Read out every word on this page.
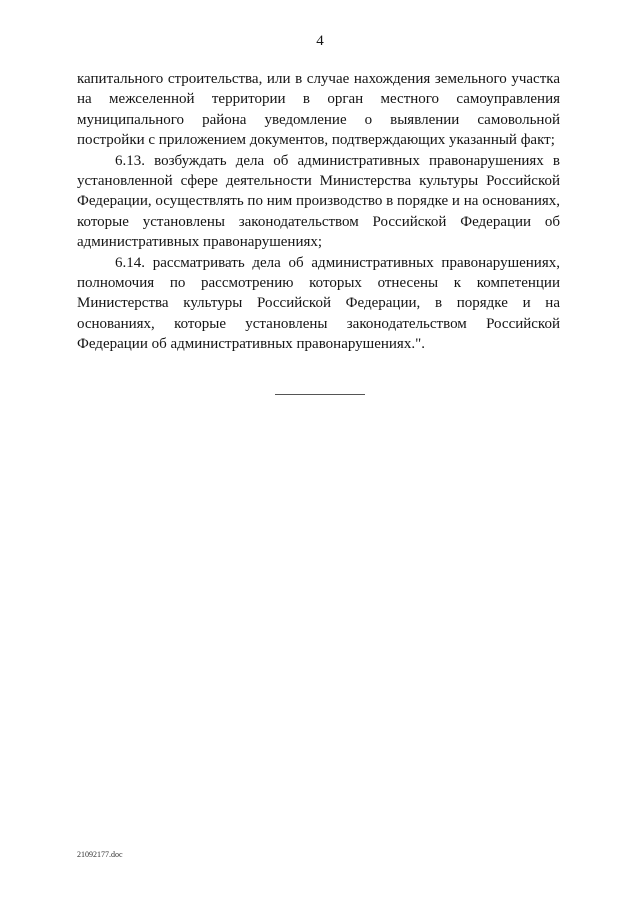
4

капитального строительства, или в случае нахождения земельного участка на межселенной территории в орган местного самоуправления муниципального района уведомление о выявлении самовольной постройки с приложением документов, подтверждающих указанный факт;

6.13. возбуждать дела об административных правонарушениях в установленной сфере деятельности Министерства культуры Российской Федерации, осуществлять по ним производство в порядке и на основаниях, которые установлены законодательством Российской Федерации об административных правонарушениях;

6.14. рассматривать дела об административных правонарушениях, полномочия по рассмотрению которых отнесены к компетенции Министерства культуры Российской Федерации, в порядке и на основаниях, которые установлены законодательством Российской Федерации об административных правонарушениях.".

21092177.doc
